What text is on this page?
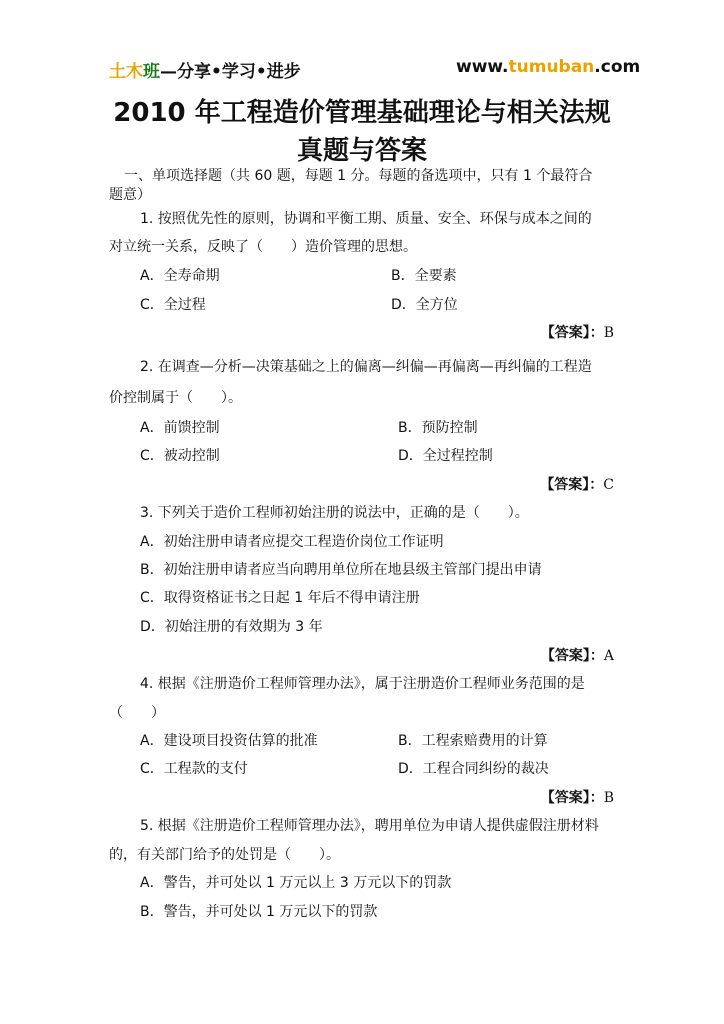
土木班—分享•学习•进步	www.tumuban.com
2010 年工程造价管理基础理论与相关法规
真题与答案
一、单项选择题（共 60 题，每题 1 分。每题的备选项中，只有 1 个最符合
题意）
1. 按照优先性的原则，协调和平衡工期、质量、安全、环保与成本之间的
对立统一关系，反映了（　　）造价管理的思想。
A．全寿命期	B．全要素
C．全过程	D．全方位
【答案】：B
2. 在调查—分析—决策基础之上的偏离—纠偏—再偏离—再纠偏的工程造
价控制属于（　　）。
A．前馈控制	B．预防控制
C．被动控制	D．全过程控制
【答案】：C
3. 下列关于造价工程师初始注册的说法中，正确的是（　　）。
A．初始注册申请者应提交工程造价岗位工作证明
B．初始注册申请者应当向聘用单位所在地县级主管部门提出申请
C．取得资格证书之日起 1 年后不得申请注册
D．初始注册的有效期为 3 年
【答案】：A
4. 根据《注册造价工程师管理办法》，属于注册造价工程师业务范围的是
（　　）
A．建设项目投资估算的批准	B．工程索赔费用的计算
C．工程款的支付	D．工程合同纠纷的裁决
【答案】：B
5. 根据《注册造价工程师管理办法》，聘用单位为申请人提供虚假注册材料
的，有关部门给予的处罚是（　　）。
A．警告，并可处以 1 万元以上 3 万元以下的罚款
B．警告，并可处以 1 万元以下的罚款
